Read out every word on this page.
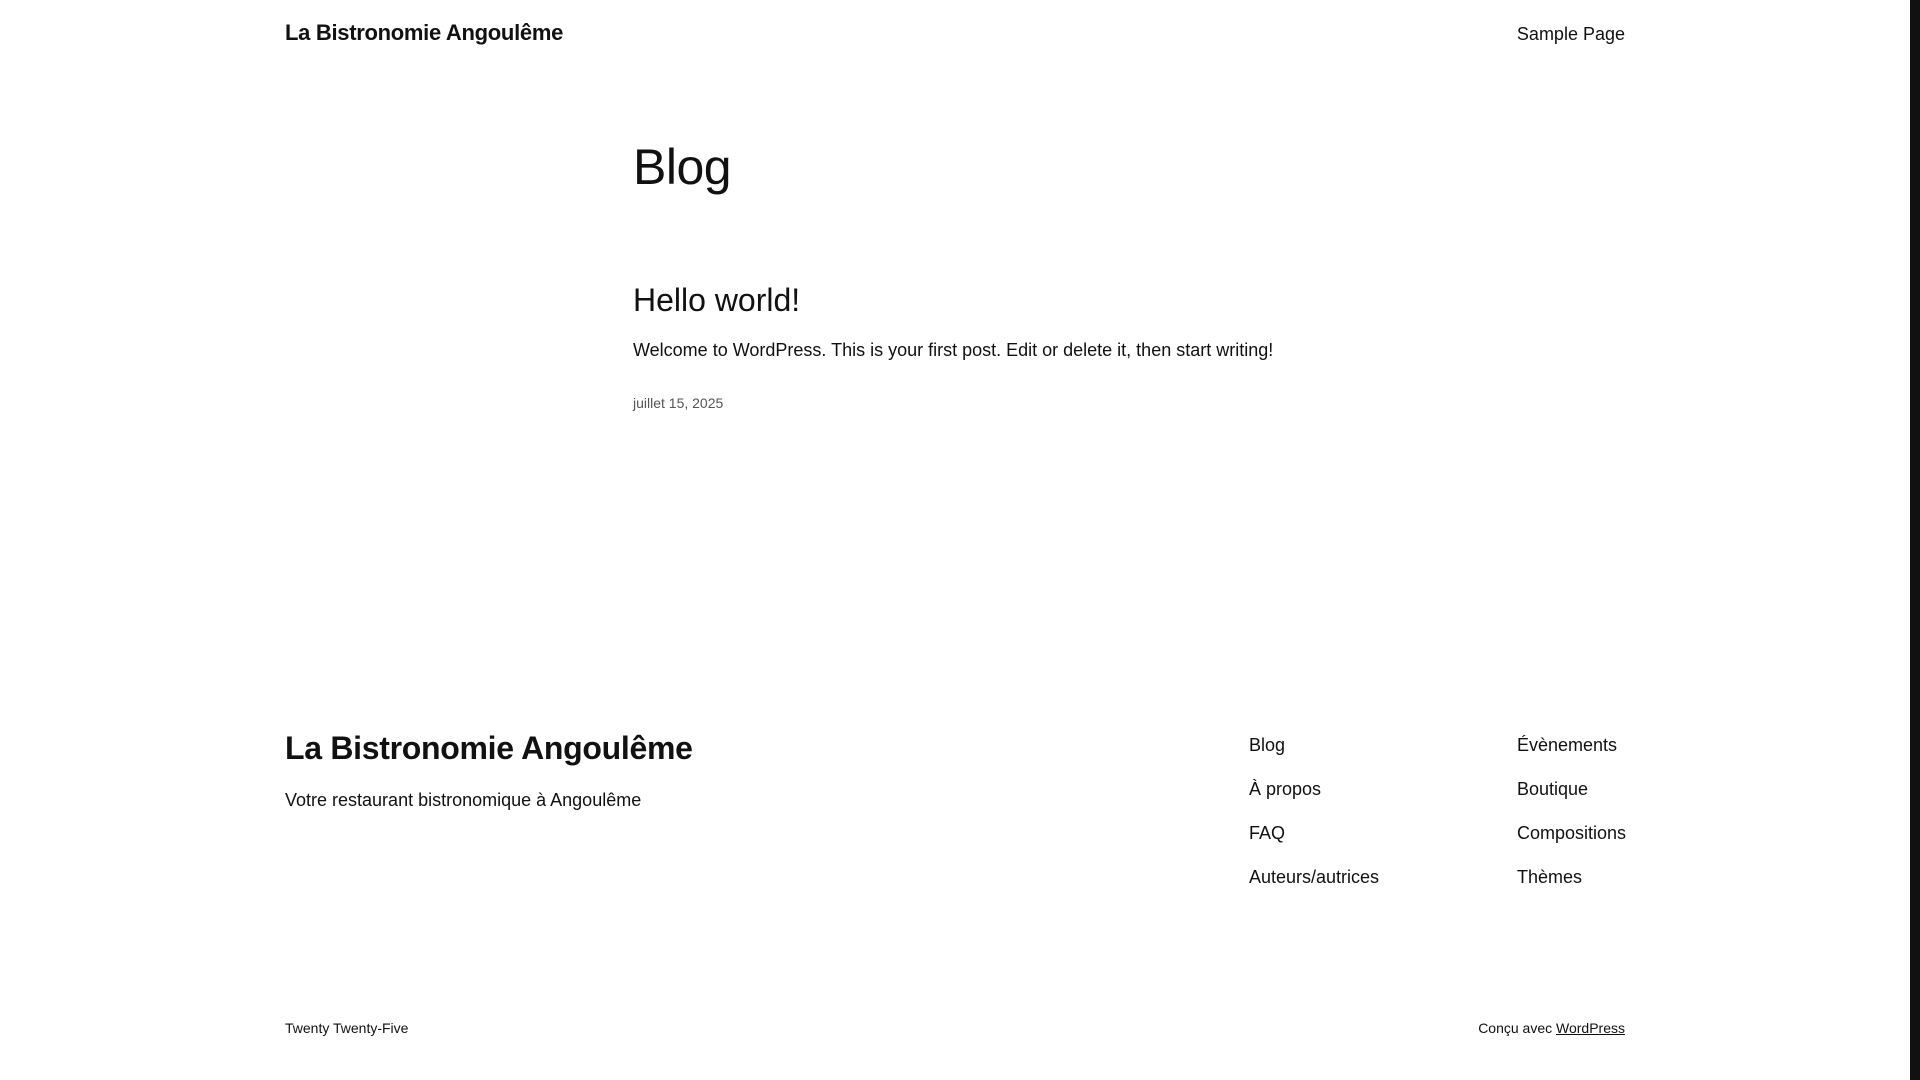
La Bistronomie Angoulême	Sample Page
Blog
Hello world!

Welcome to WordPress. This is your first post. Edit or delete it, then start writing!

juillet 15, 2025
La Bistronomie Angoulême

Votre restaurant bistronomique à Angoulême

Blog
À propos
FAQ
Auteurs/autrices
Évènements
Boutique
Compositions
Thèmes
Twenty Twenty-Five	Conçu avec WordPress
